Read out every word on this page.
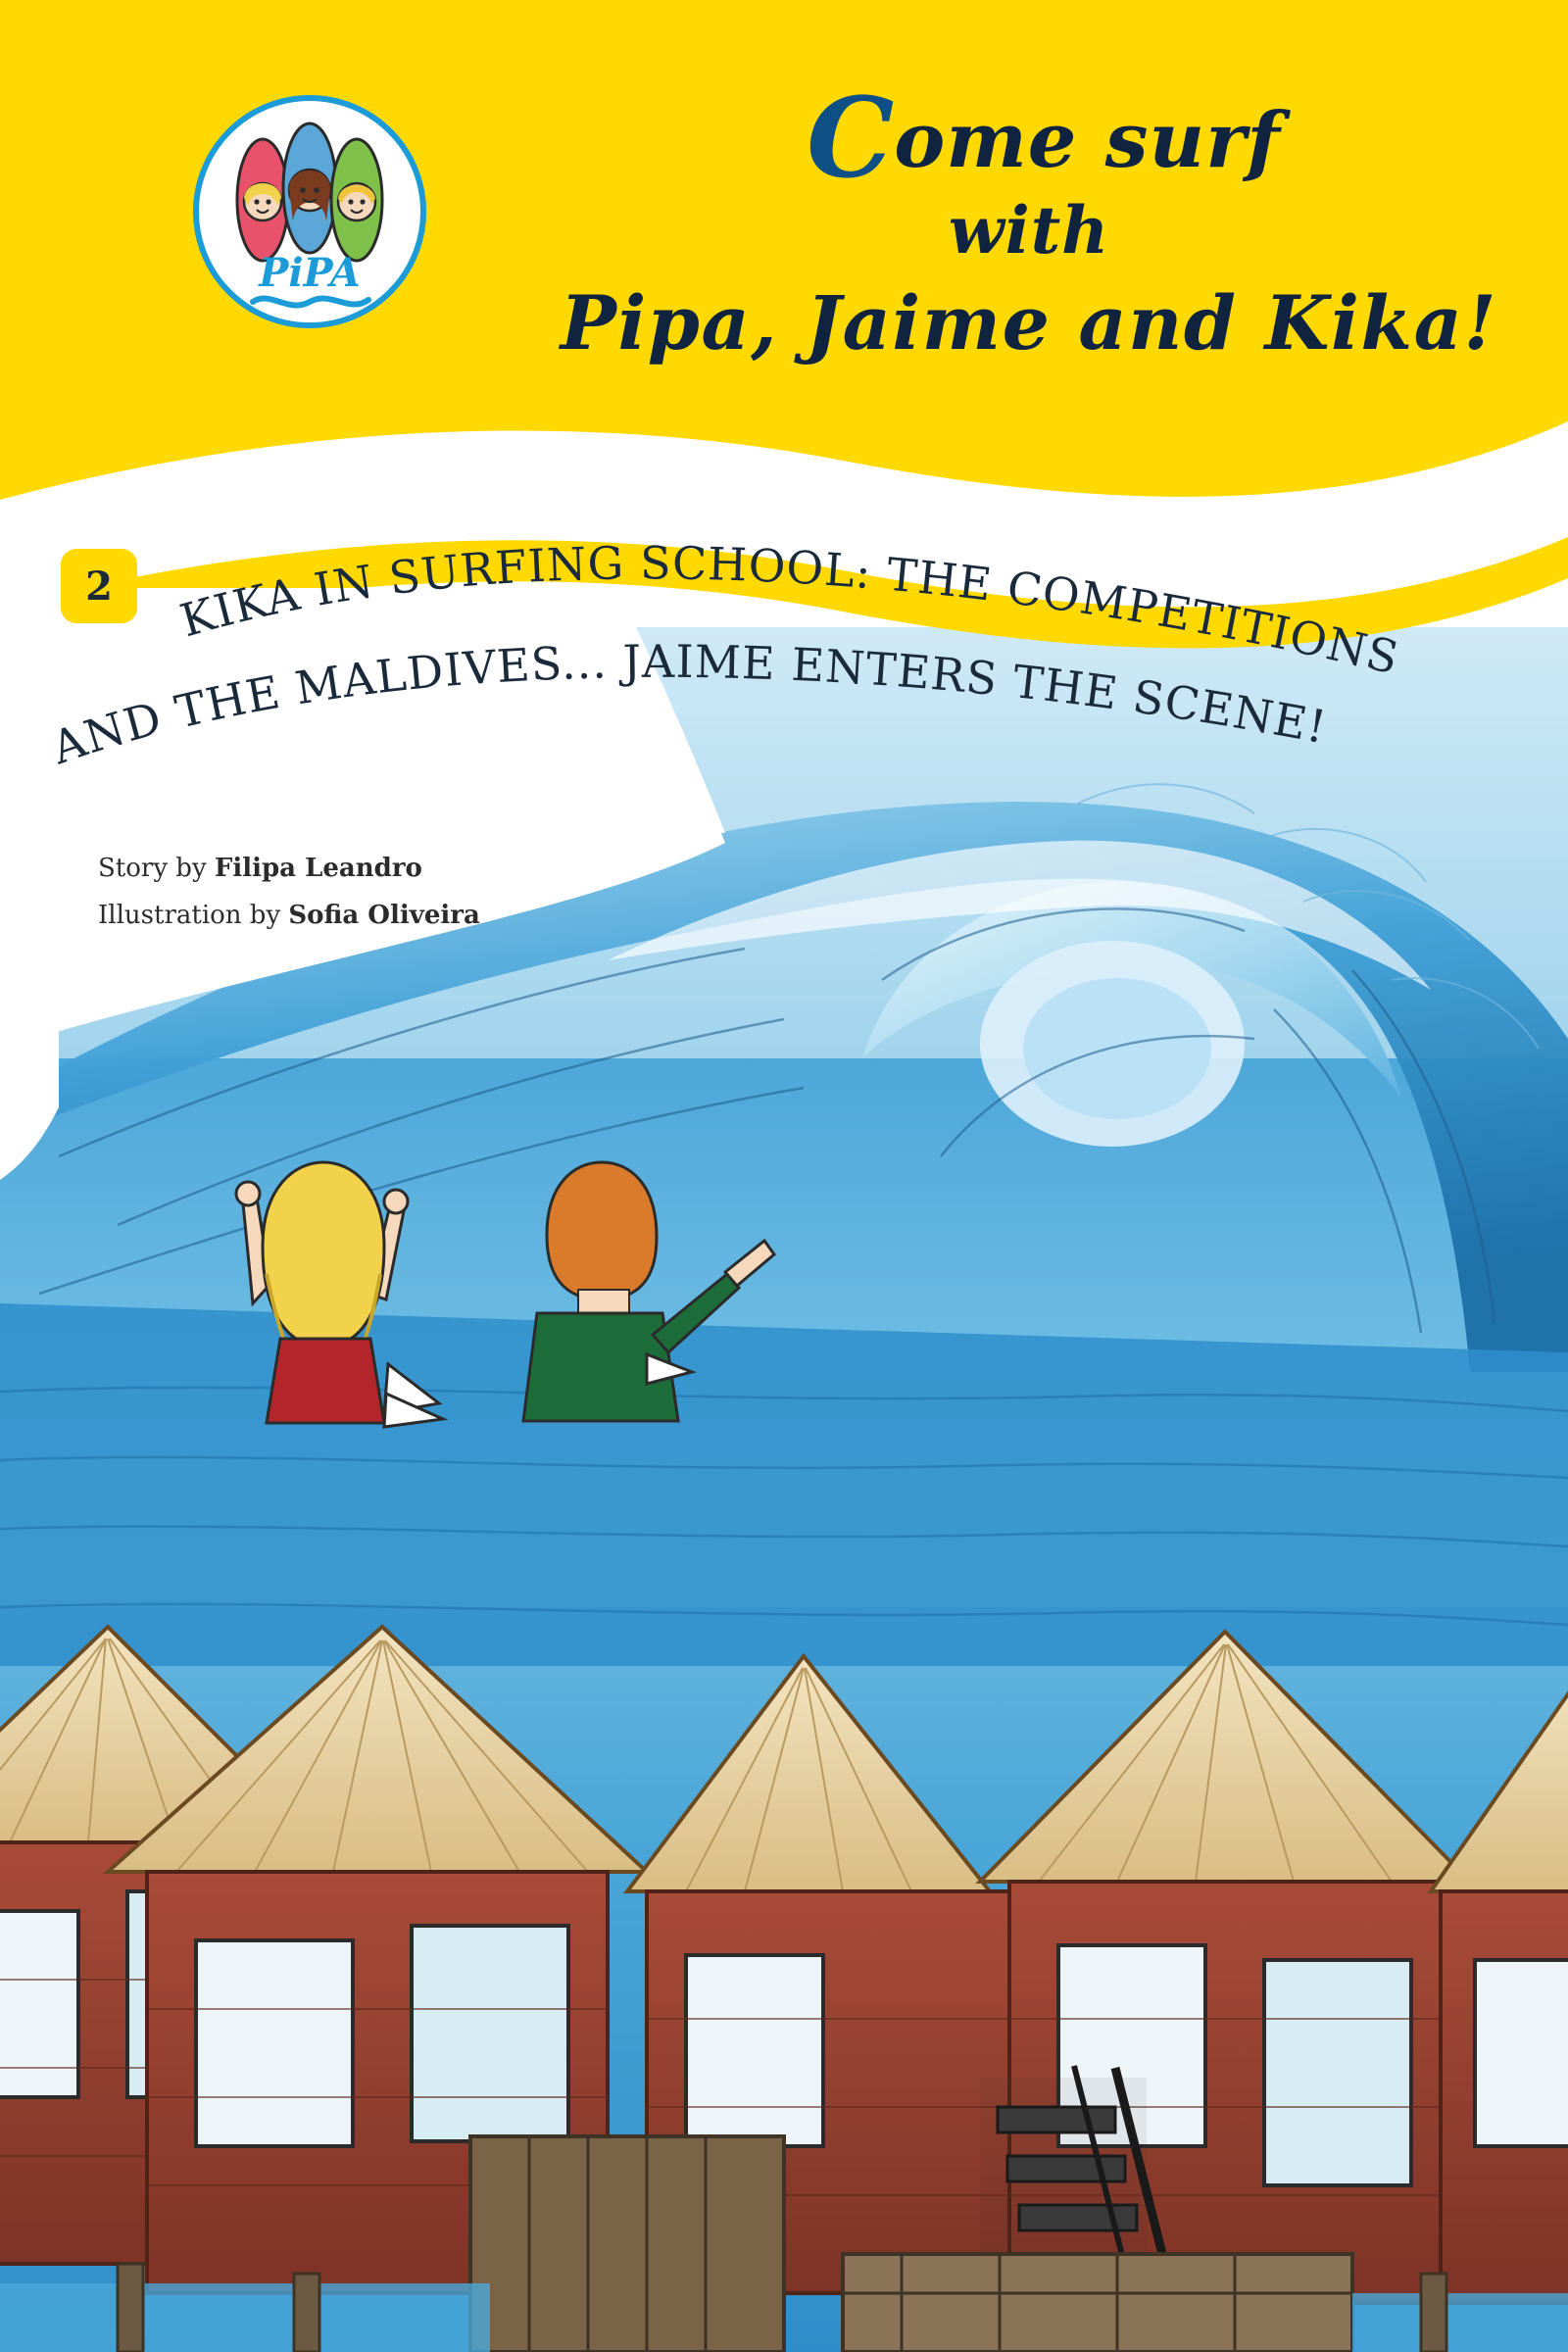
PiPA
Come surf
with
Pipa, Jaime and Kika!
2
KIKA IN SURFING SCHOOL: THE COMPETITIONS
AND THE MALDIVES... JAIME ENTERS THE SCENE!
Story by Filipa Leandro
Illustration by Sofia Oliveira
